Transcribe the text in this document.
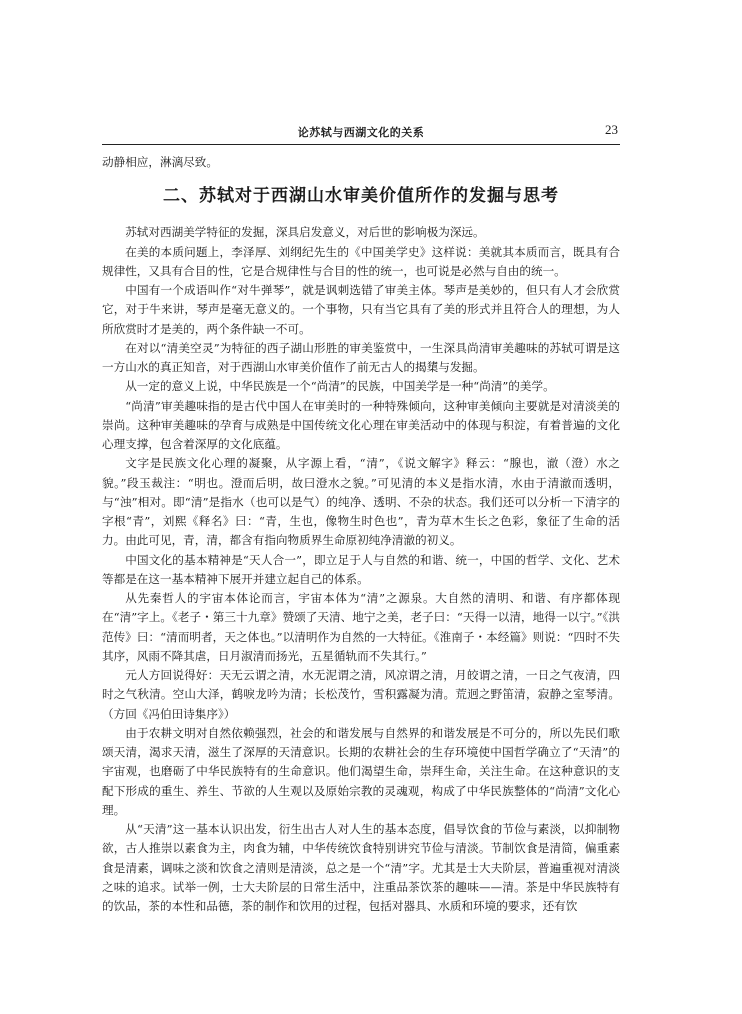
论苏轼与西湖文化的关系	23

动静相应，淋漓尽致。

二、苏轼对于西湖山水审美价值所作的发掘与思考

苏轼对西湖美学特征的发掘，深具启发意义，对后世的影响极为深远。

在美的本质问题上，李泽厚、刘纲纪先生的《中国美学史》这样说：美就其本质而言，既具有合规律性，又具有合目的性，它是合规律性与合目的性的统一，也可说是必然与自由的统一。

中国有一个成语叫作“对牛弹琴”，就是讽刺选错了审美主体。琴声是美妙的，但只有人才会欣赏它，对于牛来讲，琴声是毫无意义的。一个事物，只有当它具有了美的形式并且符合人的理想，为人所欣赏时才是美的，两个条件缺一不可。

在对以“清美空灵”为特征的西子湖山形胜的审美鉴赏中，一生深具尚清审美趣味的苏轼可谓是这一方山水的真正知音，对于西湖山水审美价值作了前无古人的揭橥与发掘。

从一定的意义上说，中华民族是一个“尚清”的民族，中国美学是一种“尚清”的美学。

“尚清”审美趣味指的是古代中国人在审美时的一种特殊倾向，这种审美倾向主要就是对清淡美的崇尚。这种审美趣味的孕育与成熟是中国传统文化心理在审美活动中的体现与积淀，有着普遍的文化心理支撑，包含着深厚的文化底蕴。

文字是民族文化心理的凝聚，从字源上看，“清”，《说文解字》释云：“腺也，澈（澄）水之貌。”段玉裁注：“明也。澄而后明，故曰澄水之貌。”可见清的本义是指水清，水由于清澈而透明，与“浊”相对。即“清”是指水（也可以是气）的纯净、透明、不杂的状态。我们还可以分析一下清字的字根“青”，刘熙《释名》曰：“青，生也，像物生时色也”，青为草木生长之色彩，象征了生命的活力。由此可见，青，清，都含有指向物质界生命原初纯净清澈的初义。

中国文化的基本精神是“天人合一”，即立足于人与自然的和谐、统一，中国的哲学、文化、艺术等都是在这一基本精神下展开并建立起自己的体系。

从先秦哲人的宇宙本体论而言，宇宙本体为“清”之源泉。大自然的清明、和谐、有序都体现在“清”字上。《老子・第三十九章》赞颂了天清、地宁之美，老子曰：“天得一以清，地得一以宁。”《洪范传》曰：“清而明者，天之体也。”以清明作为自然的一大特征。《淮南子・本经篇》则说：“四时不失其序，风雨不降其虐，日月淑清而扬光，五星循轨而不失其行。”

元人方回说得好：天无云谓之清，水无泥谓之清，风凉谓之清，月皎谓之清，一日之气夜清，四时之气秋清。空山大泽，鹤唳龙吟为清；长松茂竹，雪积露凝为清。荒迥之野笛清，寂静之室琴清。（方回《冯伯田诗集序》）

由于农耕文明对自然依赖强烈，社会的和谐发展与自然界的和谐发展是不可分的，所以先民们歌颂天清，渴求天清，滋生了深厚的天清意识。长期的农耕社会的生存环境使中国哲学确立了“天清”的宇宙观，也磨砺了中华民族特有的生命意识。他们渴望生命，崇拜生命，关注生命。在这种意识的支配下形成的重生、养生、节欲的人生观以及原始宗教的灵魂观，构成了中华民族整体的“尚清”文化心理。

从“天清”这一基本认识出发，衍生出古人对人生的基本态度，倡导饮食的节俭与素淡，以抑制物欲，古人推崇以素食为主，肉食为辅，中华传统饮食特别讲究节俭与清淡。节制饮食是清简，偏重素食是清素，调味之淡和饮食之清则是清淡，总之是一个“清”字。尤其是士大夫阶层，普遍重视对清淡之味的追求。试举一例，士大夫阶层的日常生活中，注重品茶饮茶的趣味——清。茶是中华民族特有的饮品，茶的本性和品德，茶的制作和饮用的过程，包括对器具、水质和环境的要求，还有饮
